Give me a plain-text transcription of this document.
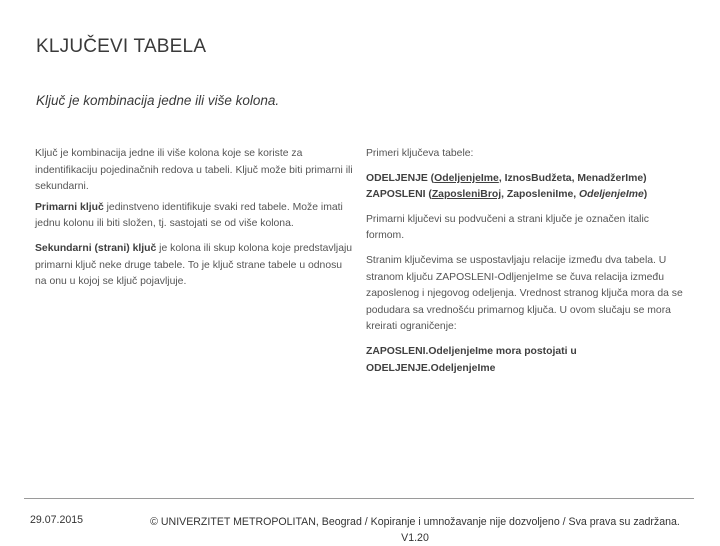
KLJUČEVI TABELA
Ključ je kombinacija jedne ili više kolona.

Ključ je kombinacija jedne ili više kolona koje se koriste za indentifikaciju pojedinačnih redova u tabeli. Ključ može biti primarni ili sekundarni.

Primarni ključ jedinstveno identifikuje svaki red tabele. Može imati jednu kolonu ili biti složen, tj. sastojati se od više kolona.

Sekundarni (strani) ključ je kolona ili skup kolona koje predstavljaju primarni ključ neke druge tabele. To je ključ strane tabele u odnosu na onu u kojoj se ključ pojavljuje.

Primeri ključeva tabele:

ODELJENJE (OdeljenjeIme, IznosBudžeta, MenadžerIme)

ZAPOSLENI (ZaposleniBroj, ZaposleniIme, OdeljenjeIme)

Primarni ključevi su podvučeni a strani ključe je označen italic formom.

Stranim ključevima se uspostavljaju relacije između dva tabela. U stranom ključu ZAPOSLENI-OdljenjeIme se čuva relacija između zaposlenog i njegovog odeljenja. Vrednost stranog ključa mora da se podudara sa vrednošću primarnog ključa. U ovom slučaju se mora kreirati ograničenje:

ZAPOSLENI.OdeljenjeIme mora postojati u ODELJENJE.OdeljenjeIme

29.07.2015	© UNIVERZITET METROPOLITAN, Beograd / Kopiranje i umnožavanje nije dozvoljeno / Sva prava su zadržana.
V1.20
